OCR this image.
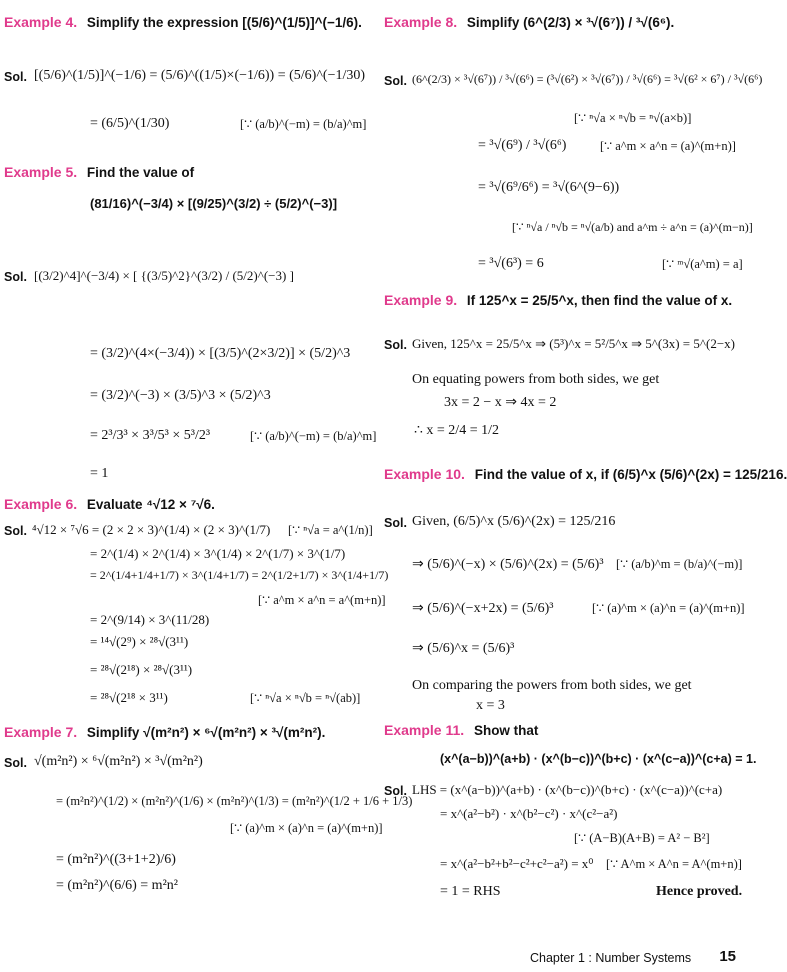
Example 4. Simplify the expression [(5/6)^(1/5)]^(−1/6).
Sol. [(5/6)^(1/5)]^(−1/6) = (5/6)^((1/5)×(−1/6)) = (5/6)^(−1/30)
= (6/5)^(1/30)	[∵ (a/b)^(−m) = (b/a)^m]
Example 5. Find the value of
(81/16)^(−3/4) × [(9/25)^(3/2) ÷ (5/2)^(−3)]
Sol. [(3/2)^4]^(−3/4) × [ {(3/5)^2}^(3/2) / (5/2)^(−3) ]
= (3/2)^(4×(−3/4)) × [(3/5)^(2×3/2)] × (5/2)^3
= (3/2)^(−3) × (3/5)^3 × (5/2)^3
= 2³/3³ × 3³/5³ × 5³/2³	[∵ (a/b)^(−m) = (b/a)^m]
= 1
Example 6. Evaluate ⁴√12 × ⁷√6.
Sol. ⁴√12 × ⁷√6 = (2 × 2 × 3)^(1/4) × (2 × 3)^(1/7) [∵ ⁿ√a = a^(1/n)]
= 2^(1/4) × 2^(1/4) × 3^(1/4) × 2^(1/7) × 3^(1/7)
= 2^(1/4+1/4+1/7) × 3^(1/4+1/7) = 2^(1/2+1/7) × 3^(1/4+1/7)
[∵ a^m × a^n = a^(m+n)]
= 2^(9/14) × 3^(11/28)
= ¹⁴√(2⁹) × ²⁸√(3¹¹)
= ²⁸√(2¹⁸) × ²⁸√(3¹¹)
= ²⁸√(2¹⁸ × 3¹¹)	[∵ ⁿ√a × ⁿ√b = ⁿ√(ab)]
Example 7. Simplify √(m²n²) × ⁶√(m²n²) × ³√(m²n²).
Sol. √(m²n²) × ⁶√(m²n²) × ³√(m²n²)
= (m²n²)^(1/2) × (m²n²)^(1/6) × (m²n²)^(1/3) = (m²n²)^(1/2 + 1/6 + 1/3)
[∵ (a)^m × (a)^n = (a)^(m+n)]
= (m²n²)^((3+1+2)/6)
= (m²n²)^(6/6) = m²n²
Example 8. Simplify (6^(2/3) × ³√(6⁷)) / ³√(6⁶).
Sol. (6^(2/3) × ³√(6⁷)) / ³√(6⁶) = (³√(6²) × ³√(6⁷)) / ³√(6⁶) = ³√(6² × 6⁷) / ³√(6⁶)
[∵ ⁿ√a × ⁿ√b = ⁿ√(a×b)]
= ³√(6⁹) / ³√(6⁶)	[∵ a^m × a^n = (a)^(m+n)]
= ³√(6⁹/6⁶) = ³√(6^(9−6))
[∵ ⁿ√a / ⁿ√b = ⁿ√(a/b) and a^m ÷ a^n = (a)^(m−n)]
= ³√(6³) = 6	[∵ ᵐ√(a^m) = a]
Example 9. If 125^x = 25/5^x, then find the value of x.
Sol. Given, 125^x = 25/5^x ⇒ (5³)^x = 5²/5^x ⇒ 5^(3x) = 5^(2−x)
On equating powers from both sides, we get
3x = 2 − x ⇒ 4x = 2
∴ x = 2/4 = 1/2
Example 10. Find the value of x, if (6/5)^x (5/6)^(2x) = 125/216.
Sol. Given, (6/5)^x (5/6)^(2x) = 125/216
⇒ (5/6)^(−x) × (5/6)^(2x) = (5/6)³ [∵ (a/b)^m = (b/a)^(−m)]
⇒ (5/6)^(−x+2x) = (5/6)³	[∵ (a)^m × (a)^n = (a)^(m+n)]
⇒ (5/6)^x = (5/6)³
On comparing the powers from both sides, we get
x = 3
Example 11. Show that
(x^(a−b))^(a+b) · (x^(b−c))^(b+c) · (x^(c−a))^(c+a) = 1.
Sol. LHS = (x^(a−b))^(a+b) · (x^(b−c))^(b+c) · (x^(c−a))^(c+a)
= x^(a²−b²) · x^(b²−c²) · x^(c²−a²)
[∵ (A−B)(A+B) = A² − B²]
= x^(a²−b²+b²−c²+c²−a²) = x⁰ [∵ A^m × A^n = A^(m+n)]
= 1 = RHS	Hence proved.
Chapter 1 : Number Systems 15
